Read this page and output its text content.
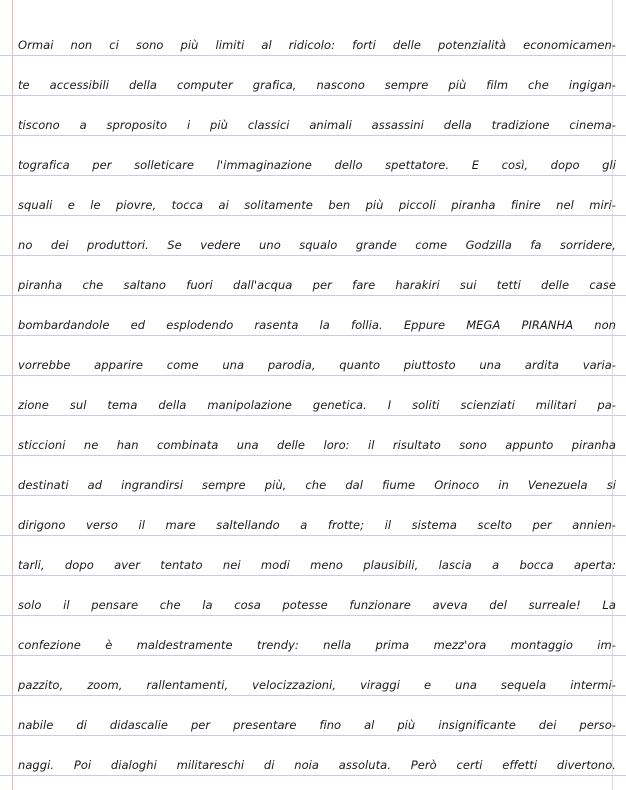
Ormai non ci sono più limiti al ridicolo: forti delle potenzialità economicamen-
te accessibili della computer grafica, nascono sempre più film che ingigan-
tiscono a sproposito i più classici animali assassini della tradizione cinema-
tografica per solleticare l'immaginazione dello spettatore. E così, dopo gli
squali e le piovre, tocca ai solitamente ben più piccoli piranha finire nel miri-
no dei produttori. Se vedere uno squalo grande come Godzilla fa sorridere,
piranha che saltano fuori dall'acqua per fare harakiri sui tetti delle case
bombardandole ed esplodendo rasenta la follia. Eppure MEGA PIRANHA non
vorrebbe apparire come una parodia, quanto piuttosto una ardita varia-
zione sul tema della manipolazione genetica. I soliti scienziati militari pa-
sticcioni ne han combinata una delle loro: il risultato sono appunto piranha
destinati ad ingrandirsi sempre più, che dal fiume Orinoco in Venezuela si
dirigono verso il mare saltellando a frotte; il sistema scelto per annien-
tarli, dopo aver tentato nei modi meno plausibili, lascia a bocca aperta:
solo il pensare che la cosa potesse funzionare aveva del surreale! La
confezione è maldestramente trendy: nella prima mezz'ora montaggio im-
pazzito, zoom, rallentamenti, velocizzazioni, viraggi e una sequela intermi-
nabile di didascalie per presentare fino al più insignificante dei perso-
naggi. Poi dialoghi militareschi di noia assoluta. Però certi effetti divertono.
